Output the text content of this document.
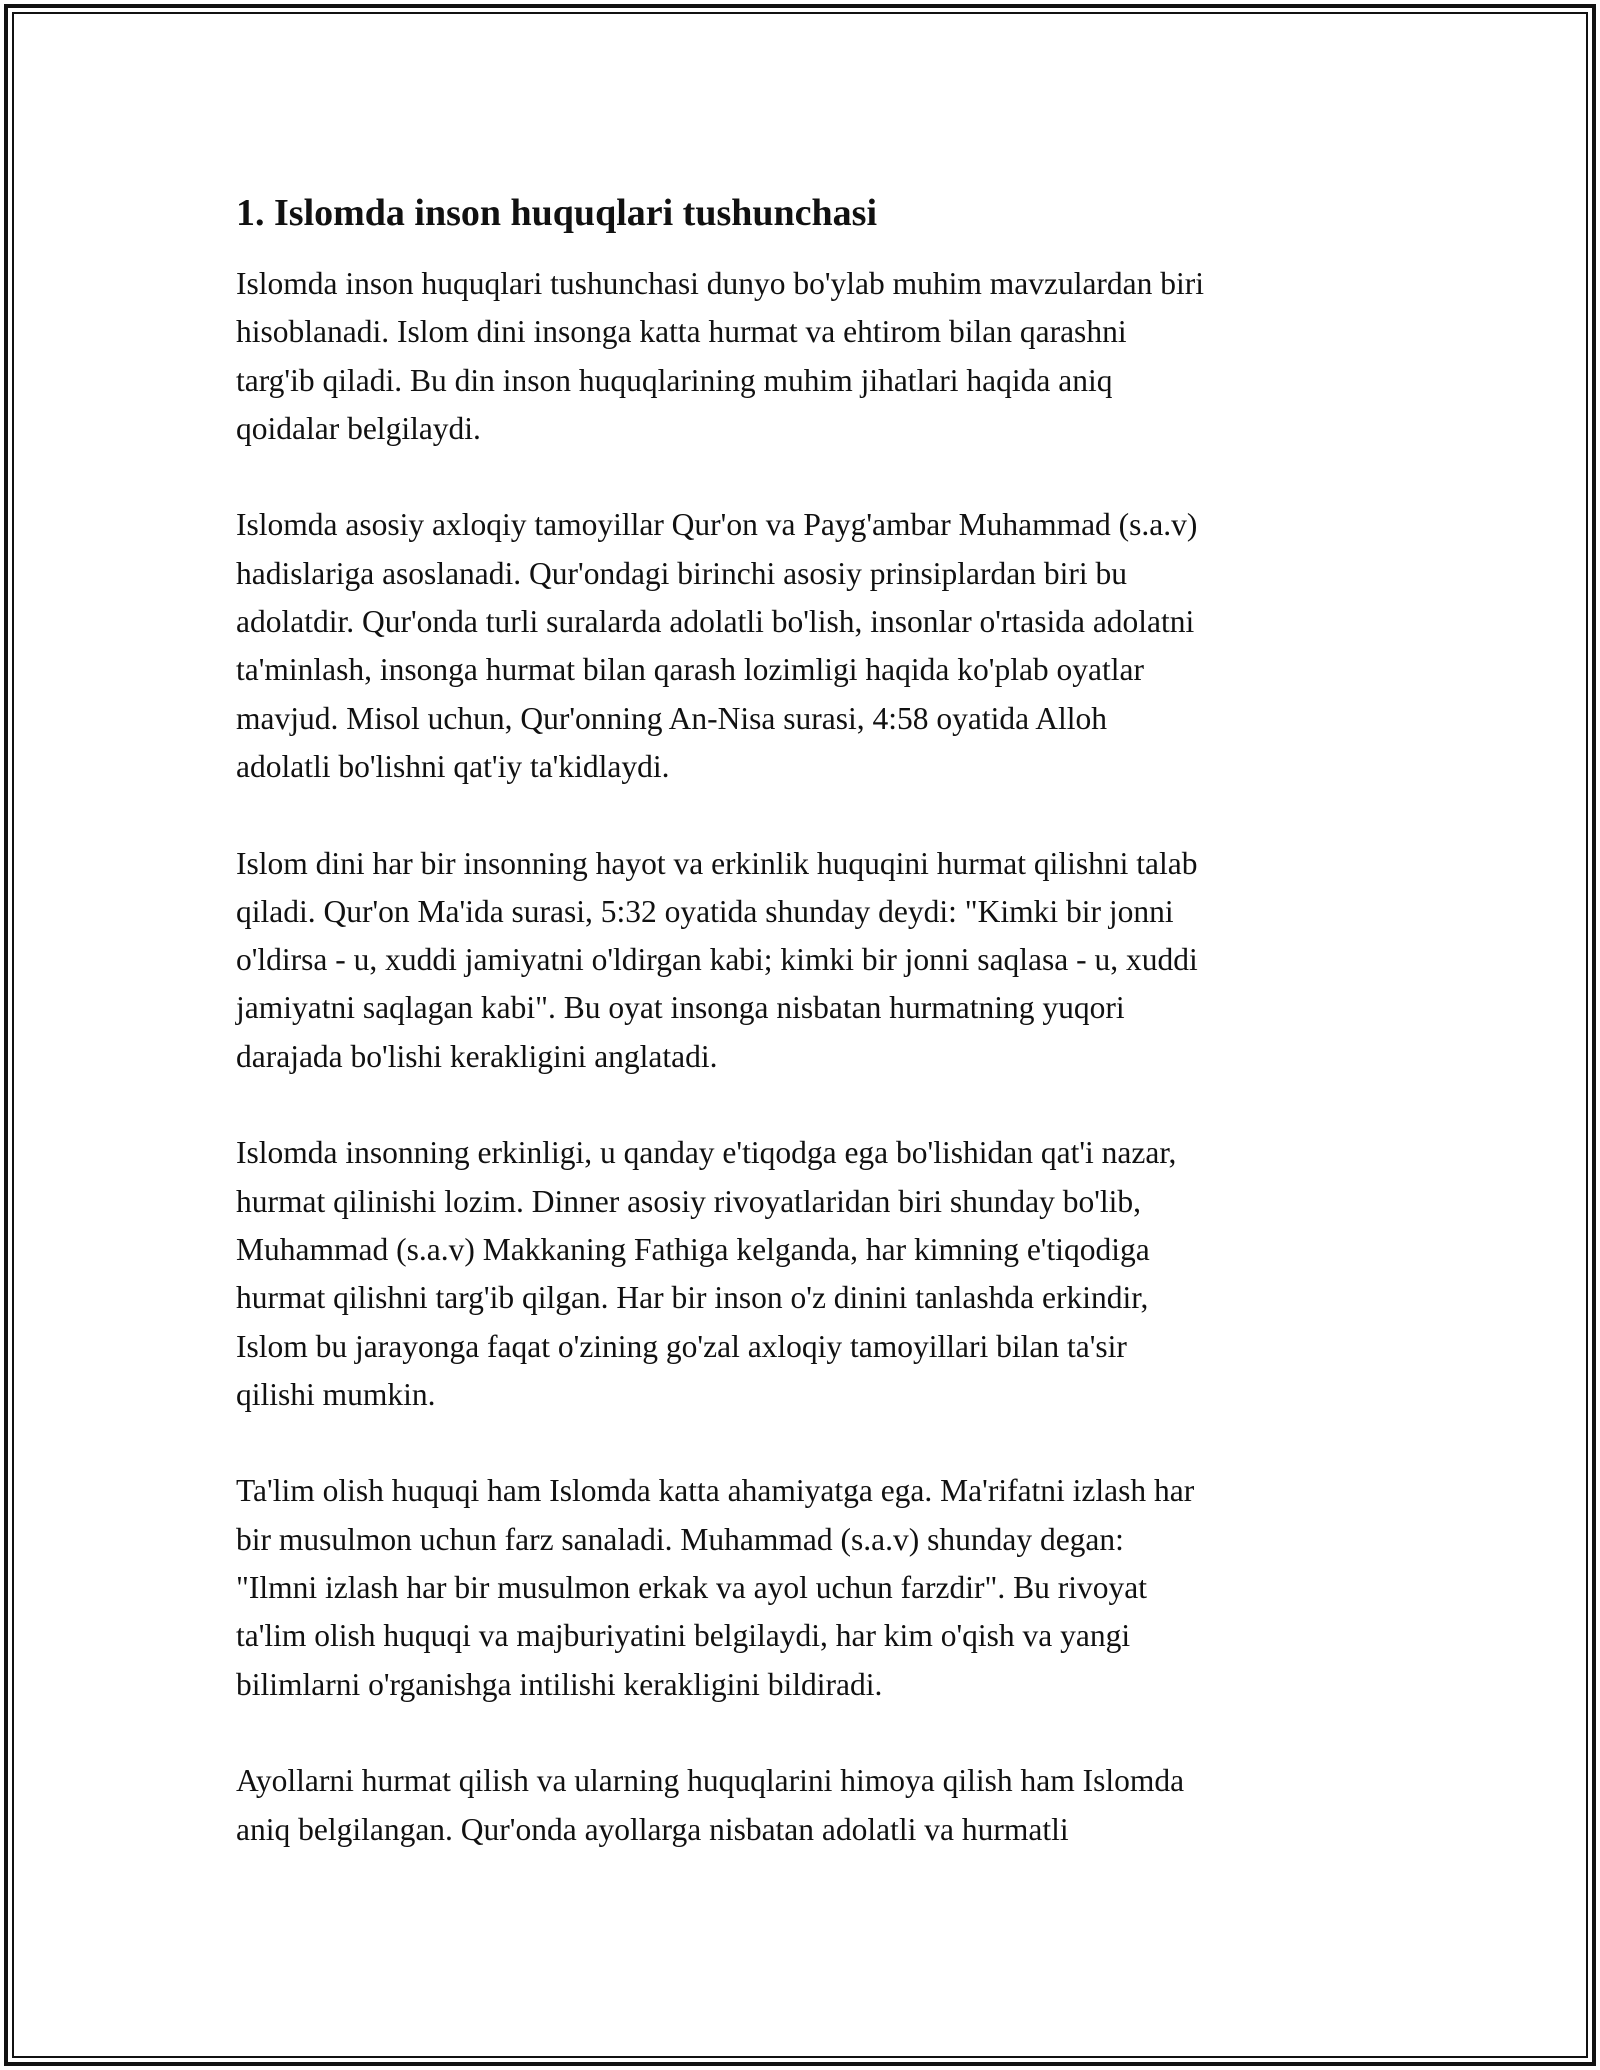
1. Islomda inson huquqlari tushunchasi

Islomda inson huquqlari tushunchasi dunyo bo'ylab muhim mavzulardan biri
hisoblanadi. Islom dini insonga katta hurmat va ehtirom bilan qarashni
targ'ib qiladi. Bu din inson huquqlarining muhim jihatlari haqida aniq
qoidalar belgilaydi.

Islomda asosiy axloqiy tamoyillar Qur'on va Payg'ambar Muhammad (s.a.v)
hadislariga asoslanadi. Qur'ondagi birinchi asosiy prinsiplardan biri bu
adolatdir. Qur'onda turli suralarda adolatli bo'lish, insonlar o'rtasida adolatni
ta'minlash, insonga hurmat bilan qarash lozimligi haqida ko'plab oyatlar
mavjud. Misol uchun, Qur'onning An-Nisa surasi, 4:58 oyatida Alloh
adolatli bo'lishni qat'iy ta'kidlaydi.

Islom dini har bir insonning hayot va erkinlik huquqini hurmat qilishni talab
qiladi. Qur'on Ma'ida surasi, 5:32 oyatida shunday deydi: "Kimki bir jonni
o'ldirsa - u, xuddi jamiyatni o'ldirgan kabi; kimki bir jonni saqlasa - u, xuddi
jamiyatni saqlagan kabi". Bu oyat insonga nisbatan hurmatning yuqori
darajada bo'lishi kerakligini anglatadi.

Islomda insonning erkinligi, u qanday e'tiqodga ega bo'lishidan qat'i nazar,
hurmat qilinishi lozim. Dinner asosiy rivoyatlaridan biri shunday bo'lib,
Muhammad (s.a.v) Makkaning Fathiga kelganda, har kimning e'tiqodiga
hurmat qilishni targ'ib qilgan. Har bir inson o'z dinini tanlashda erkindir,
Islom bu jarayonga faqat o'zining go'zal axloqiy tamoyillari bilan ta'sir
qilishi mumkin.

Ta'lim olish huquqi ham Islomda katta ahamiyatga ega. Ma'rifatni izlash har
bir musulmon uchun farz sanaladi. Muhammad (s.a.v) shunday degan:
"Ilmni izlash har bir musulmon erkak va ayol uchun farzdir". Bu rivoyat
ta'lim olish huquqi va majburiyatini belgilaydi, har kim o'qish va yangi
bilimlarni o'rganishga intilishi kerakligini bildiradi.

Ayollarni hurmat qilish va ularning huquqlarini himoya qilish ham Islomda
aniq belgilangan. Qur'onda ayollarga nisbatan adolatli va hurmatli
